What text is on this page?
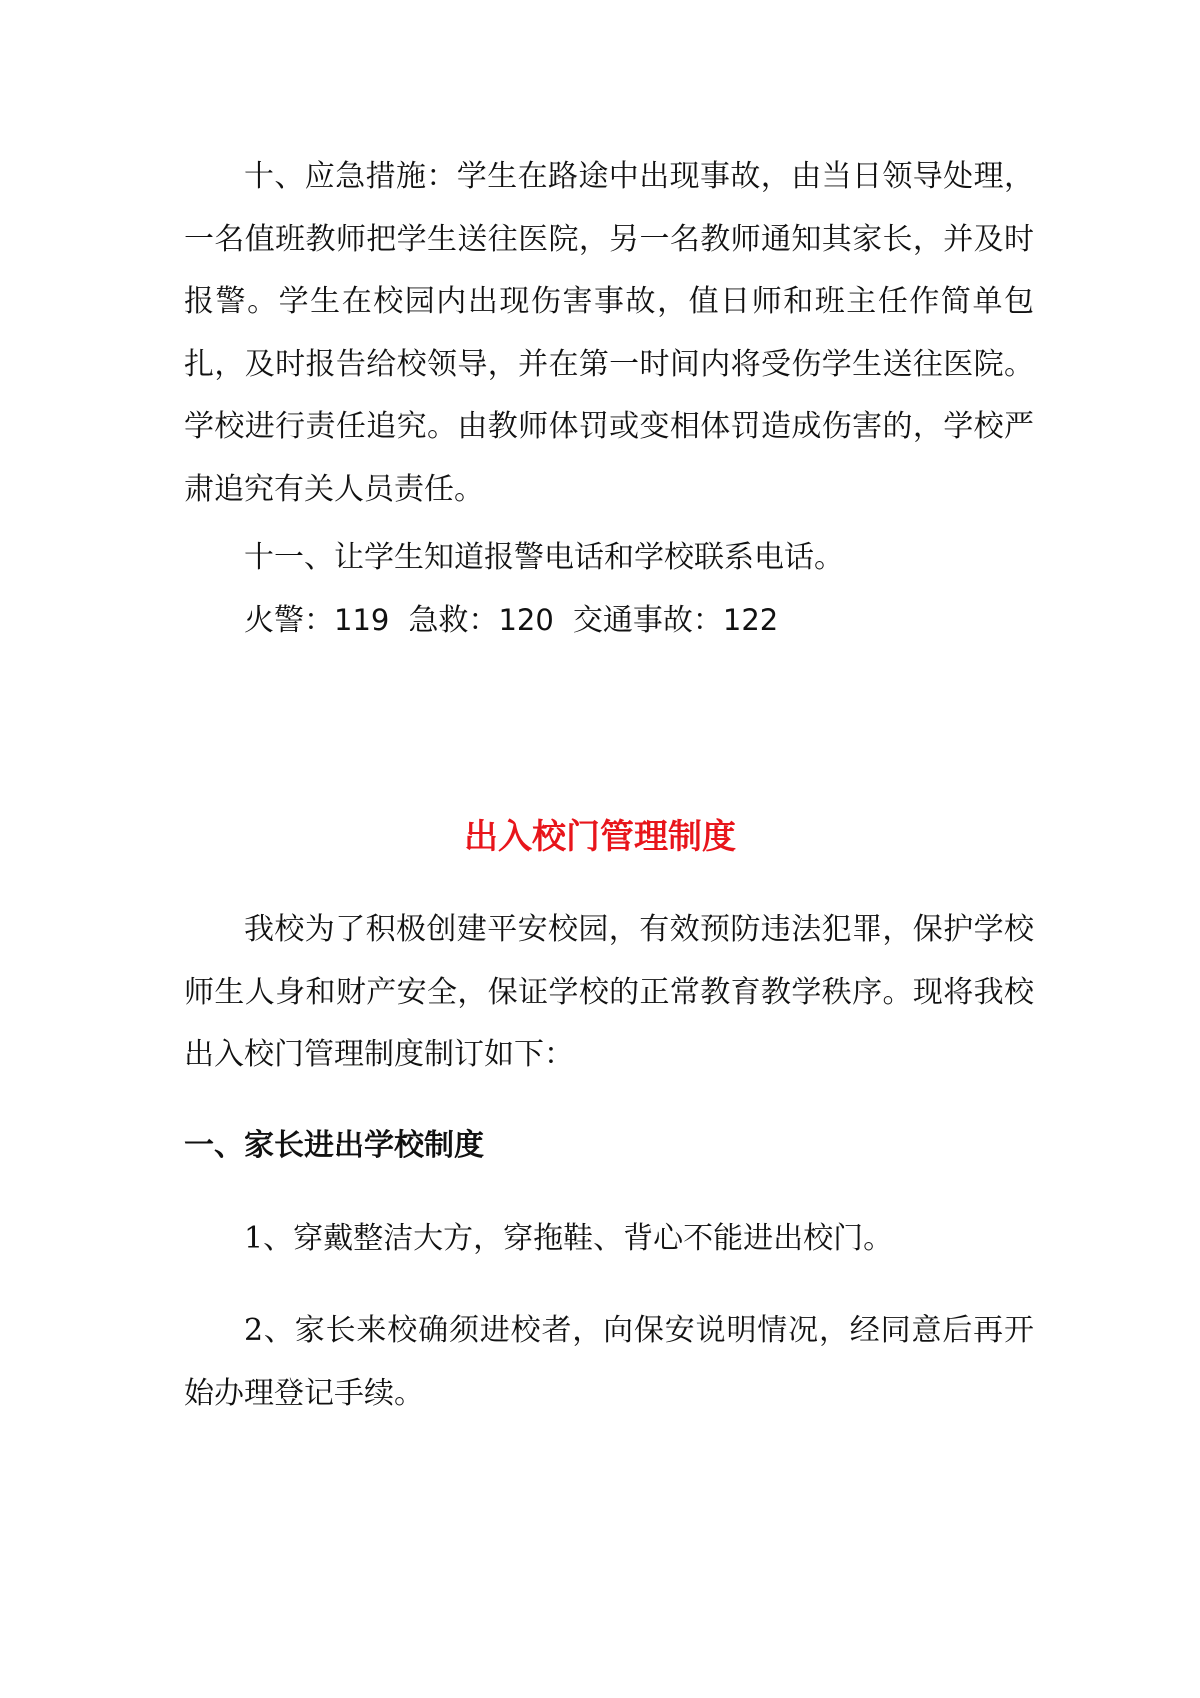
十、应急措施：学生在路途中出现事故，由当日领导处理，一名值班教师把学生送往医院，另一名教师通知其家长，并及时报警。学生在校园内出现伤害事故，值日师和班主任作简单包扎，及时报告给校领导，并在第一时间内将受伤学生送往医院。学校进行责任追究。由教师体罚或变相体罚造成伤害的，学校严肃追究有关人员责任。

十一、让学生知道报警电话和学校联系电话。

火警：119 急救：120 交通事故：122

出入校门管理制度

我校为了积极创建平安校园，有效预防违法犯罪，保护学校师生人身和财产安全，保证学校的正常教育教学秩序。现将我校出入校门管理制度制订如下：

一、家长进出学校制度

1、穿戴整洁大方，穿拖鞋、背心不能进出校门。

2、家长来校确须进校者，向保安说明情况，经同意后再开始办理登记手续。
